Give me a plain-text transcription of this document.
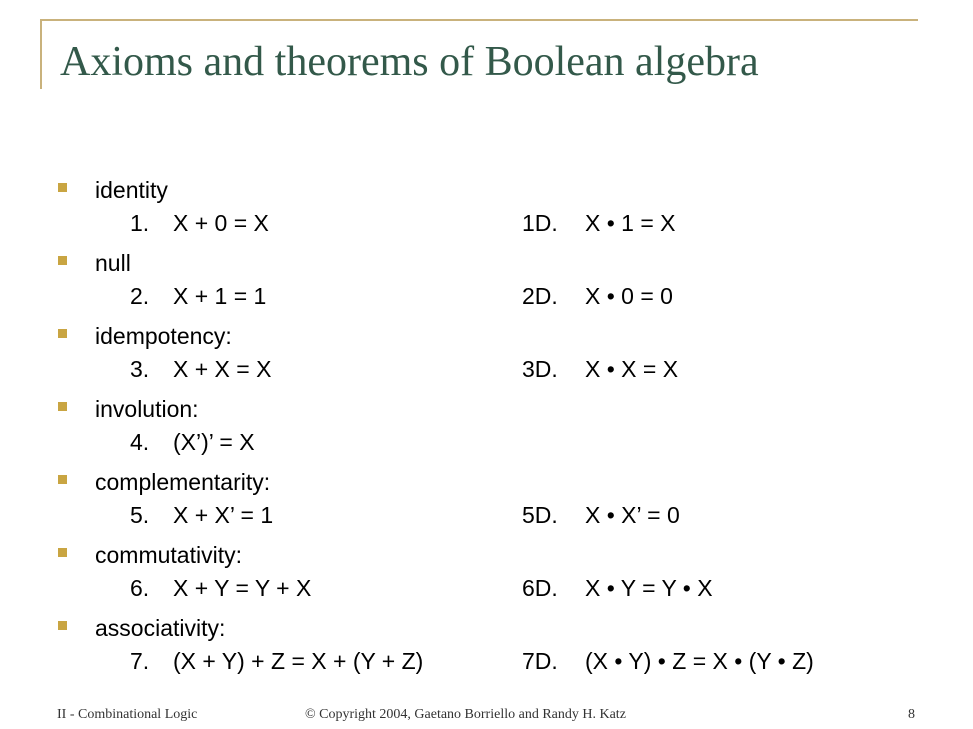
Axioms and theorems of Boolean algebra
identity
1. X + 0 = X	1D. X • 1 = X
null
2. X + 1 = 1	2D. X • 0 = 0
idempotency:
3. X + X = X	3D. X • X = X
involution:
4. (X’)’ = X
complementarity:
5. X + X’ = 1	5D. X • X’ = 0
commutativity:
6. X + Y = Y + X	6D. X • Y = Y • X
associativity:
7. (X + Y) + Z = X + (Y + Z)	7D. (X • Y) • Z = X • (Y • Z)
II - Combinational Logic	© Copyright 2004, Gaetano Borriello and Randy H. Katz	8
